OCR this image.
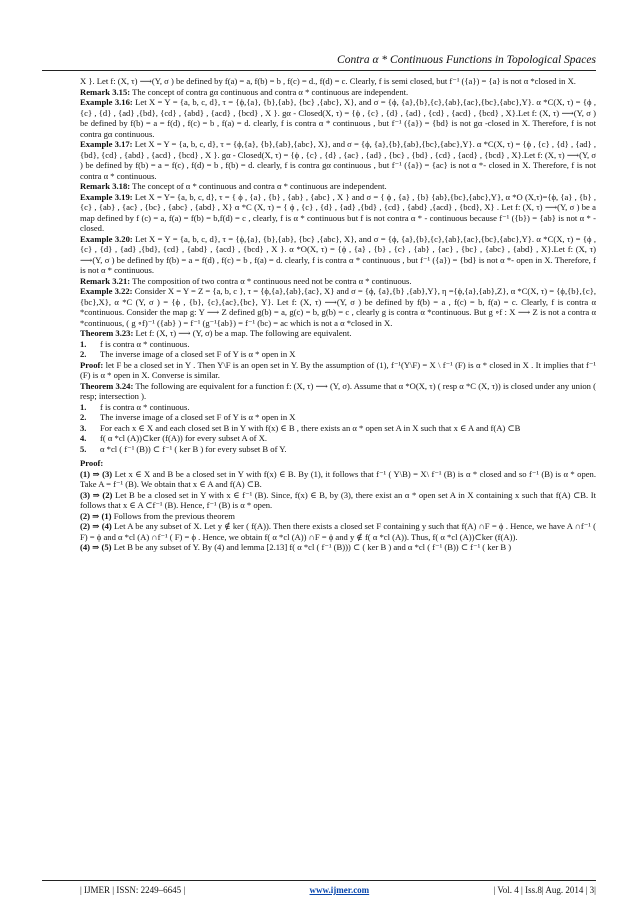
Contra α * Continuous Functions in Topological Spaces

X }. Let f: (X, τ) ⟶(Y, σ ) be defined by f(a) = a, f(b) = b , f(c) = d., f(d) = c. Clearly, f is semi closed, but f⁻¹ ({a}) = {a} is not α *closed in X.

Remark 3.15: The concept of contra gα continuous and contra α * continuous are independent.

Example 3.16: Let X = Y = {a, b, c, d}, τ = {ϕ,{a}, {b},{ab}, {bc} ,{abc}, X}, and σ = {ϕ, {a},{b},{c},{ab},{ac},{bc},{abc},Y}. α *C(X, τ) = {ϕ , {c} , {d} , {ad} ,{bd}, {cd} , {abd} , {acd} , {bcd} , X }. gα - Closed(X, τ) = {ϕ , {c} , {d} , {ad} , {cd} , {acd} , {bcd} , X}.Let f: (X, τ) ⟶(Y, σ ) be defined by f(b) = a = f(d) , f(c) = b , f(a) = d. clearly, f is contra α * continuous , but f⁻¹ ({a}) = {bd} is not gα -closed in X. Therefore, f is not contra gα continuous.

Example 3.17: Let X = Y = {a, b, c, d}, τ = {ϕ,{a}, {b},{ab},{abc}, X}, and σ = {ϕ, {a},{b},{ab},{bc},{abc},Y}. α *C(X, τ) = {ϕ , {c} , {d} , {ad} ,{bd}, {cd} , {abd} , {acd} , {bcd} , X }. gα - Closed(X, τ) = {ϕ , {c} , {d} , {ac} , {ad} , {bc} , {bd} , {cd} , {acd} , {bcd} , X}.Let f: (X, τ) ⟶(Y, σ ) be defined by f(b) = a = f(c) , f(d) = b , f(b) = d. clearly, f is contra gα continuous , but f⁻¹ ({a}) = {ac} is not α *- closed in X. Therefore, f is not contra α * continuous.

Remark 3.18: The concept of α * continuous and contra α * continuous are independent.

Example 3.19: Let X = Y= {a, b, c, d}, τ = { ϕ , {a} , {b} , {ab} , {abc} , X } and σ = { ϕ , {a} , {b} {ab},{bc},{abc},Y}, α *O (X,τ)={ϕ, {a} , {b} , {c} , {ab} , {ac} , {bc} , {abc} , {abd} , X} α *C (X, τ) = { ϕ , {c} , {d} , {ad} ,{bd} , {cd} , {abd} ,{acd} , {bcd}, X} . Let f: (X, τ) ⟶(Y, σ ) be a map defined by f (c) = a, f(a) = f(b) = b,f(d) = c , clearly, f is α * continuous but f is not contra α * - continuous because f⁻¹ ({b}) = {ab} is not α * - closed.

Example 3.20: Let X = Y = {a, b, c, d}, τ = {ϕ,{a}, {b},{ab}, {bc} ,{abc}, X}, and σ = {ϕ, {a},{b},{c},{ab},{ac},{bc},{abc},Y}. α *C(X, τ) = {ϕ , {c} , {d} , {ad} ,{bd}, {cd} , {abd} , {acd} , {bcd} , X }. α *O(X, τ) = {ϕ , {a} , {b} , {c} , {ab} , {ac} , {bc} , {abc} , {abd} , X}.Let f: (X, τ) ⟶(Y, σ ) be defined by f(b) = a = f(d) , f(c) = b , f(a) = d. clearly, f is contra α * continuous , but f⁻¹ ({a}) = {bd} is not α *- open in X. Therefore, f is not α * continuous.

Remark 3.21: The composition of two contra α * continuous need not be contra α * continuous.

Example 3.22: Consider X = Y = Z = {a, b, c }, τ = {ϕ,{a},{ab},{ac}, X} and σ = {ϕ, {a},{b} ,{ab},Y}, η ={ϕ,{a},{ab},Z}, α *C(X, τ) = {ϕ,{b},{c},{bc},X}, α *C (Y, σ ) = {ϕ , {b}, {c},{ac},{bc}, Y}. Let f: (X, τ) ⟶(Y, σ ) be defined by f(b) = a , f(c) = b, f(a) = c. Clearly, f is contra α *continuous. Consider the map g: Y ⟶ Z defined g(b) = a, g(c) = b, g(b) = c , clearly g is contra α *continuous. But g ∘f : X ⟶ Z is not a contra α *continuous, ( g ∘f)⁻¹ ({ab} ) = f⁻¹ (g⁻¹{ab}) = f⁻¹ (bc) = ac which is not a α *closed in X.

Theorem 3.23: Let f: (X, τ) ⟶ (Y, σ) be a map. The following are equivalent.

1.	f is contra α * continuous.
2.	The inverse image of a closed set F of Y is α * open in X

Proof: let F be a closed set in Y . Then Y\F is an open set in Y. By the assumption of (1), f⁻¹(Y\F) = X \ f⁻¹ (F) is α * closed in X . It implies that f⁻¹ (F) is α * open in X. Converse is similar.

Theorem 3.24: The following are equivalent for a function f: (X, τ) ⟶ (Y, σ). Assume that α *O(X, τ) ( resp α *C (X, τ)) is closed under any union ( resp; intersection ).

1.	f is contra α * continuous.
2.	The inverse image of a closed set F of Y is α * open in X
3.	For each x ∈ X and each closed set B in Y with f(x) ∈ B , there exists an α * open set A in X such that x ∈ A and f(A) ⊂B
4.	f( α *cl (A))⊂ker (f(A)) for every subset A of X.
5.	α *cl ( f⁻¹ (B)) ⊂ f⁻¹ ( ker B ) for every subset B of Y.

Proof:

(1) ⇒ (3) Let x ∈ X and B be a closed set in Y with f(x) ∈ B. By (1), it follows that f⁻¹ ( Y\B) = X\ f⁻¹ (B) is α * closed and so f⁻¹ (B) is α * open. Take A = f⁻¹ (B). We obtain that x ∈ A and f(A) ⊂B.

(3) ⇒ (2) Let B be a closed set in Y with x ∈ f⁻¹ (B). Since, f(x) ∈ B, by (3), there exist an α * open set A in X containing x such that f(A) ⊂B. It follows that x ∈ A ⊂f⁻¹ (B). Hence, f⁻¹ (B) is α * open.

(2) ⇒ (1) Follows from the previous theorem

(2) ⇒ (4) Let A be any subset of X. Let y ∉ ker ( f(A)). Then there exists a closed set F containing y such that f(A) ∩F = ϕ . Hence, we have A ∩f⁻¹ ( F) = ϕ and α *cl (A) ∩f⁻¹ ( F) = ϕ . Hence, we obtain f( α *cl (A)) ∩F = ϕ and y ∉ f( α *cl (A)). Thus, f( α *cl (A))⊂ker (f(A)).

(4) ⇒ (5) Let B be any subset of Y. By (4) and lemma [2.13] f( α *cl ( f⁻¹ (B))) ⊂ ( ker B ) and α *cl ( f⁻¹ (B)) ⊂ f⁻¹ ( ker B )

| IJMER | ISSN: 2249–6645 |	www.ijmer.com	| Vol. 4 | Iss.8| Aug. 2014 | 3|
